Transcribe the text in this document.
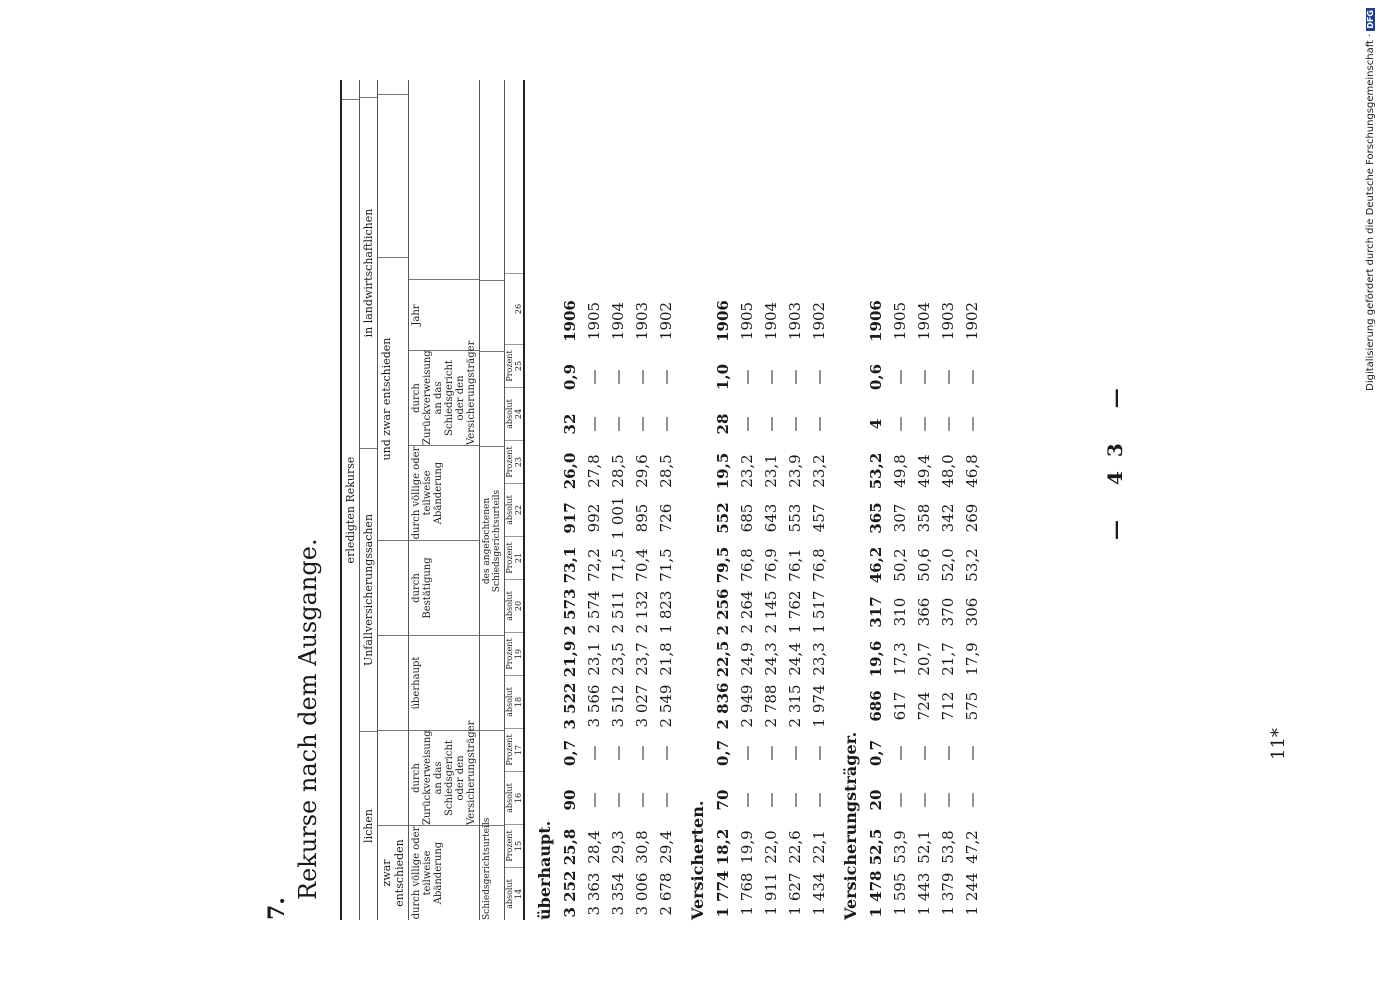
Digitalisierung gefördert durch die Deutsche Forschungsgemeinschaft ·
DFG
7.
Rekurse nach dem Ausgange.
— 43 —
11*
erledigten Rekurse
lichen
Unfallversicherungssachen
in landwirtschaftlichen
zwar entschieden
und zwar entschieden
durch völlige oder teilweise Abänderung
durch Zurückverweisung an das Schiedsgericht oder den Versicherungsträger
überhaupt
durch Bestätigung
durch völlige oder teilweise Abänderung
durch Zurückverweisung an das Schiedsgericht oder den Versicherungsträger
Jahr
Schiedsgerichtsurteils
des angefochtenen Schiedsgerichtsurteils
absolut
Prozent
absolut
Prozent
absolut
Prozent
absolut
Prozent
absolut
Prozent
absolut
Prozent
14
15
16
17
18
19
20
21
22
23
24
25
26
überhaupt. 3 252
25,8
90
0,7
3 522
21,9
2 573
73,1
917
26,0
32
0,9
1906
3 363
28,4
—
—
3 566
23,1
2 574
72,2
992
27,8
—
—
1905
3 354
29,3
—
—
3 512
23,5
2 511
71,5
1 001
28,5
—
—
1904
3 006
30,8
—
—
3 027
23,7
2 132
70,4
895
29,6
—
—
1903
2 678
29,4
—
—
2 549
21,8
1 823
71,5
726
28,5
—
—
1902
Versicherten. 1 774
18,2
70
0,7
2 836
22,5
2 256
79,5
552
19,5
28
1,0
1906
1 768
19,9
—
—
2 949
24,9
2 264
76,8
685
23,2
—
—
1905
1 911
22,0
—
—
2 788
24,3
2 145
76,9
643
23,1
—
—
1904
1 627
22,6
—
—
2 315
24,4
1 762
76,1
553
23,9
—
—
1903
1 434
22,1
—
—
1 974
23,3
1 517
76,8
457
23,2
—
—
1902
Versicherungsträger. 1 478
52,5
20
0,7
686
19,6
317
46,2
365
53,2
4
0,6
1906
1 595
53,9
—
—
617
17,3
310
50,2
307
49,8
—
—
1905
1 443
52,1
—
—
724
20,7
366
50,6
358
49,4
—
—
1904
1 379
53,8
—
—
712
21,7
370
52,0
342
48,0
—
—
1903
1 244
47,2
—
—
575
17,9
306
53,2
269
46,8
—
—
1902
